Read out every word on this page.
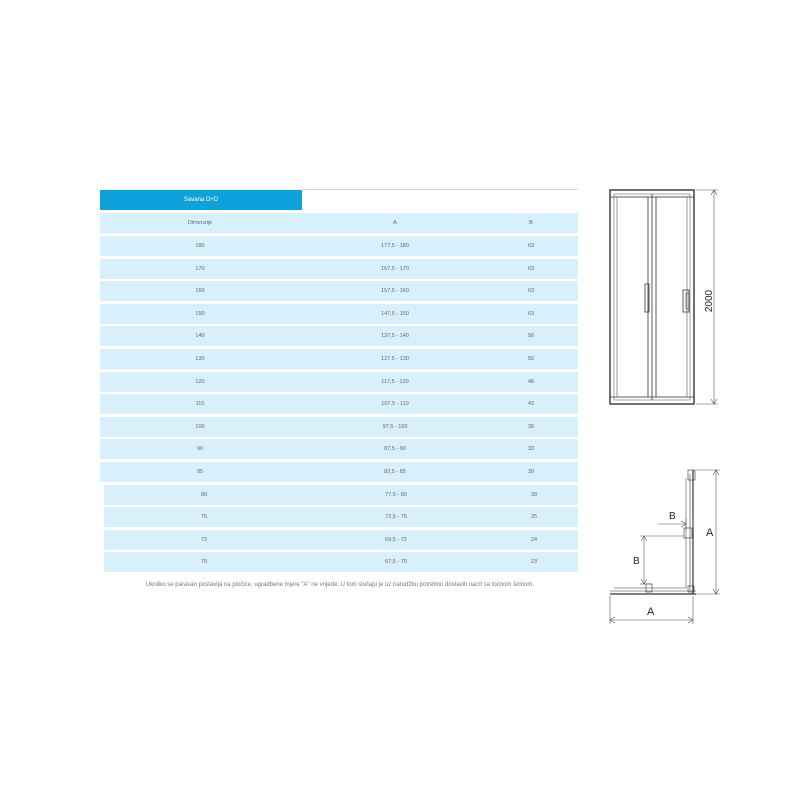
Savana D+D
Dimenzije	A	B
180	177,5 - 180	63
170	167,5 - 170	63
160	157,5 - 160	63
150	147,5 - 150	63
140	137,5 - 140	56
130	127,5 - 130	50
120	117,5 - 120	46
110	107,5 - 110	43
100	97,5 - 100	36
90	87,5 - 90	33
85	82,5 - 85	30
80	77,5 - 80	28
75	72,5 - 75	25
72	69,5 - 72	24
70	67,5 - 70	23
Ukoliko se paravan postavlja na pločice, ugradbene mjere "A" ne vrijede. U tom slučaju je uz narudžbu potrebno dostaviti nacrt sa točnom širinom.
2000
A
A
B
B
